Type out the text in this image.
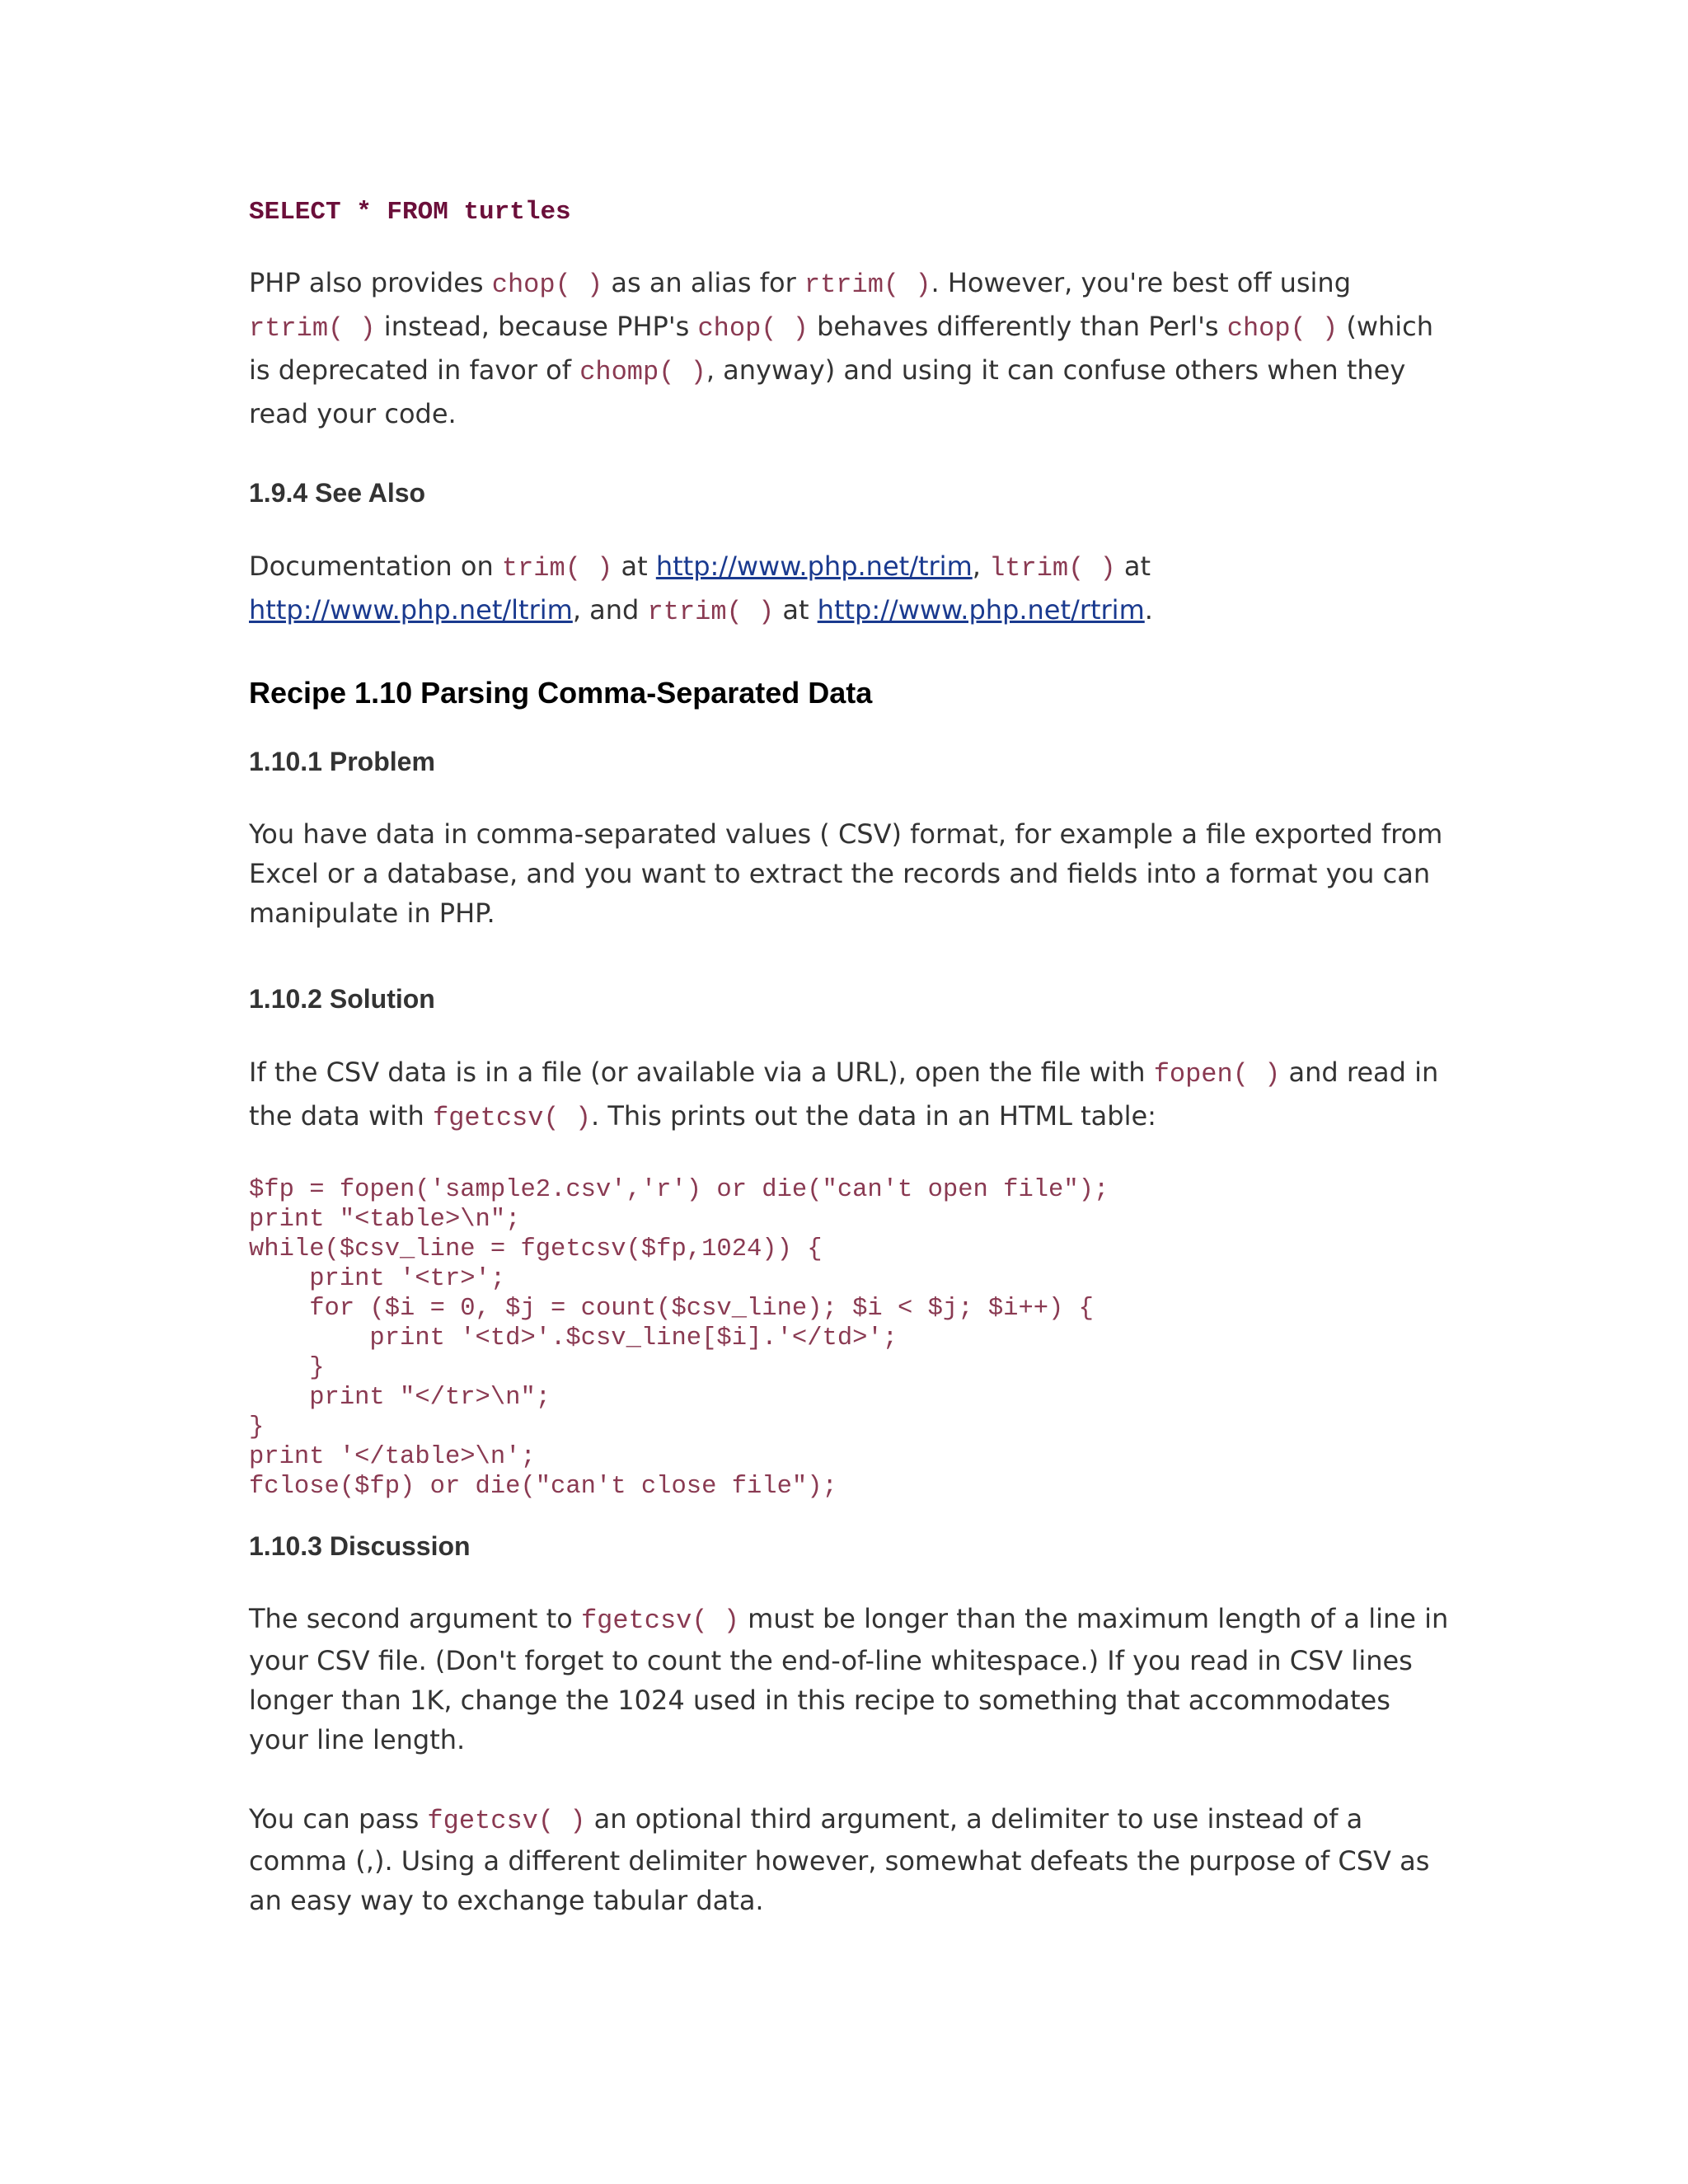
SELECT * FROM turtles

PHP also provides chop( ) as an alias for rtrim( ). However, you're best off using rtrim( ) instead, because PHP's chop( ) behaves differently than Perl's chop( ) (which is deprecated in favor of chomp( ), anyway) and using it can confuse others when they read your code.

1.9.4 See Also

Documentation on trim( ) at http://www.php.net/trim, ltrim( ) at http://www.php.net/ltrim, and rtrim( ) at http://www.php.net/rtrim.

Recipe 1.10 Parsing Comma-Separated Data
1.10.1 Problem

You have data in comma-separated values ( CSV) format, for example a file exported from Excel or a database, and you want to extract the records and fields into a format you can manipulate in PHP.

1.10.2 Solution

If the CSV data is in a file (or available via a URL), open the file with fopen( ) and read in the data with fgetcsv( ). This prints out the data in an HTML table:

$fp = fopen('sample2.csv','r') or die("can't open file");
print "<table>\n";
while($csv_line = fgetcsv($fp,1024)) {
print '<tr>';
for ($i = 0, $j = count($csv_line); $i < $j; $i++) {
print '<td>'.$csv_line[$i].'</td>';
}
print "</tr>\n";
}
print '</table>\n';
fclose($fp) or die("can't close file");
1.10.3 Discussion

The second argument to fgetcsv( ) must be longer than the maximum length of a line in your CSV file. (Don't forget to count the end-of-line whitespace.) If you read in CSV lines longer than 1K, change the 1024 used in this recipe to something that accommodates your line length.

You can pass fgetcsv( ) an optional third argument, a delimiter to use instead of a comma (,). Using a different delimiter however, somewhat defeats the purpose of CSV as an easy way to exchange tabular data.
